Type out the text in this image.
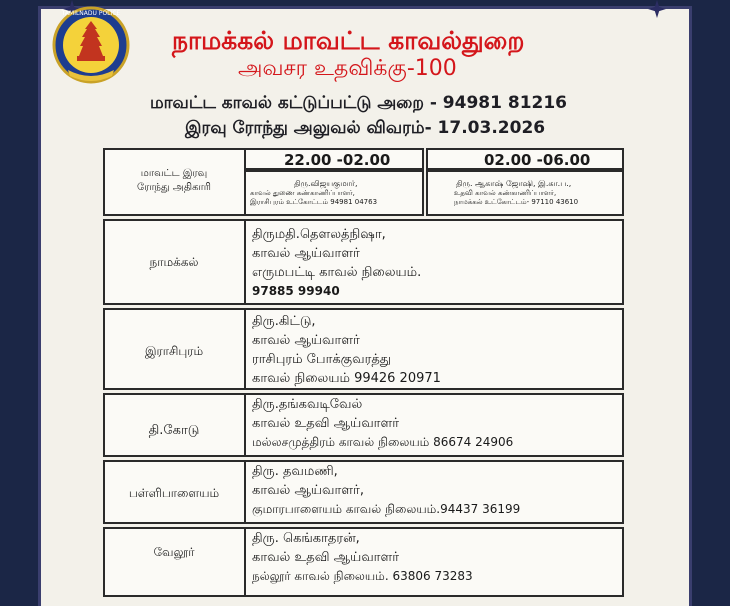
TAMILNADU POLICE
நாமக்கல் மாவட்ட காவல்துறை
அவசர உதவிக்கு-100
மாவட்ட காவல் கட்டுப்பட்டு அறை - 94981 81216
இரவு ரோந்து அலுவல் விவரம்- 17.03.2026
மாவட்ட இரவு
ரோந்து அதிகாரி
22.00 -02.00	02.00 -06.00
திரு.விஜயகுமார்,
காவல் துணை கண்காணிப்பாளர்,
இராசிபுரம் உட்கோட்டம் 94981 04763
திரு. ஆகாஷ் ஜோஷி, இ.கா.ப.,
உதவி காவல் கண்காணிப்பாளர்,
நாமக்கல் உட்கோட்டம்- 97110 43610
நாமக்கல்
திருமதி.தௌலத்நிஷா,
காவல் ஆய்வாளர்
எருமபட்டி காவல் நிலையம்.
97885 99940
இராசிபுரம்
திரு.கிட்டு,
காவல் ஆய்வாளர்
ராசிபுரம் போக்குவரத்து
காவல் நிலையம் 99426 20971
தி.கோடு
திரு.தங்கவடிவேல்
காவல் உதவி ஆய்வாளர்
மல்லசமுத்திரம் காவல் நிலையம் 86674 24906
பள்ளிபாளையம்
திரு. தவமணி,
காவல் ஆய்வாளர்,
குமாரபாளையம் காவல் நிலையம்.94437 36199
வேலூர்
திரு. கெங்காதரன்,
காவல் உதவி ஆய்வாளர்
நல்லூர் காவல் நிலையம். 63806 73283
